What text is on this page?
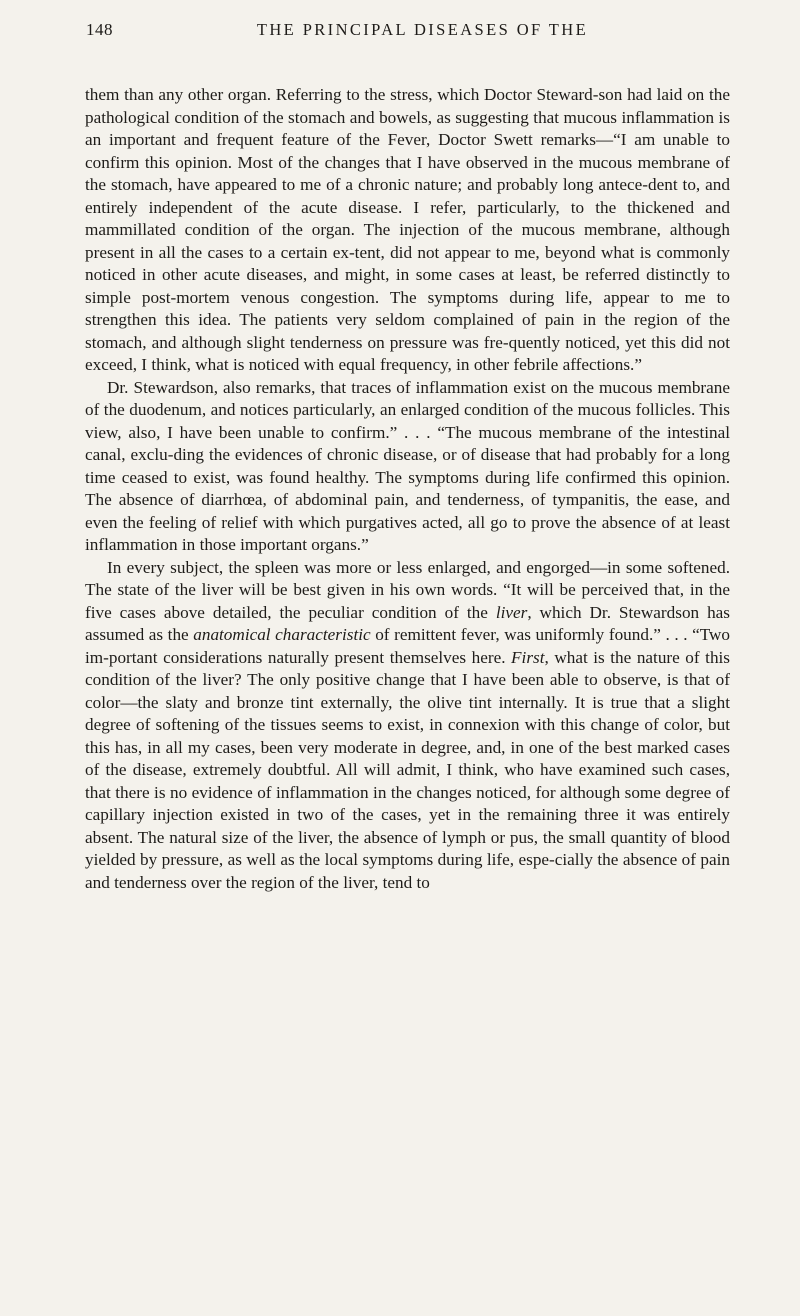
148	THE PRINCIPAL DISEASES OF THE

them than any other organ. Referring to the stress, which Doctor Steward-son had laid on the pathological condition of the stomach and bowels, as suggesting that mucous inflammation is an important and frequent feature of the Fever, Doctor Swett remarks—“I am unable to confirm this opinion. Most of the changes that I have observed in the mucous membrane of the stomach, have appeared to me of a chronic nature; and probably long antece-dent to, and entirely independent of the acute disease. I refer, particularly, to the thickened and mammillated condition of the organ. The injection of the mucous membrane, although present in all the cases to a certain ex-tent, did not appear to me, beyond what is commonly noticed in other acute diseases, and might, in some cases at least, be referred distinctly to simple post-mortem venous congestion. The symptoms during life, appear to me to strengthen this idea. The patients very seldom complained of pain in the region of the stomach, and although slight tenderness on pressure was fre-quently noticed, yet this did not exceed, I think, what is noticed with equal frequency, in other febrile affections.”

Dr. Stewardson, also remarks, that traces of inflammation exist on the mucous membrane of the duodenum, and notices particularly, an enlarged condition of the mucous follicles. This view, also, I have been unable to confirm.” . . . “The mucous membrane of the intestinal canal, exclu-ding the evidences of chronic disease, or of disease that had probably for a long time ceased to exist, was found healthy. The symptoms during life confirmed this opinion. The absence of diarrhœa, of abdominal pain, and tenderness, of tympanitis, the ease, and even the feeling of relief with which purgatives acted, all go to prove the absence of at least inflammation in those important organs.”

In every subject, the spleen was more or less enlarged, and engorged—in some softened. The state of the liver will be best given in his own words. “It will be perceived that, in the five cases above detailed, the peculiar condition of the liver, which Dr. Stewardson has assumed as the anatomical characteristic of remittent fever, was uniformly found.” . . . “Two im-portant considerations naturally present themselves here. First, what is the nature of this condition of the liver? The only positive change that I have been able to observe, is that of color—the slaty and bronze tint externally, the olive tint internally. It is true that a slight degree of softening of the tissues seems to exist, in connexion with this change of color, but this has, in all my cases, been very moderate in degree, and, in one of the best marked cases of the disease, extremely doubtful. All will admit, I think, who have examined such cases, that there is no evidence of inflammation in the changes noticed, for although some degree of capillary injection existed in two of the cases, yet in the remaining three it was entirely absent. The natural size of the liver, the absence of lymph or pus, the small quantity of blood yielded by pressure, as well as the local symptoms during life, espe-cially the absence of pain and tenderness over the region of the liver, tend to
